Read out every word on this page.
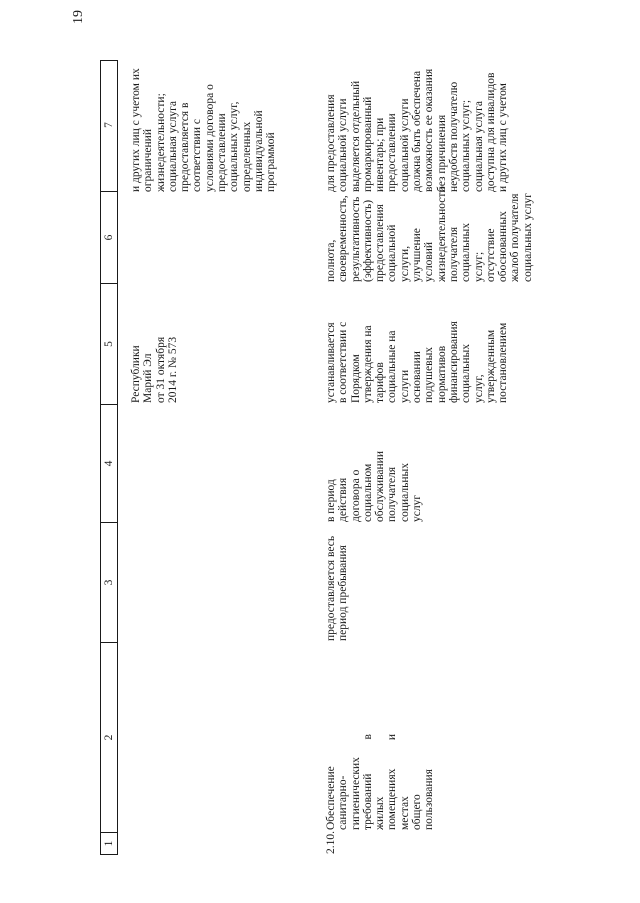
19
1
2
3
4
5
6
7

Республики Марий Эл от 31 октября 2014 г. № 573

и других лиц с учетом их ограничений жизнедеятельности; социальная услуга предоставляется в соответствии с условиями договора о предоставлении социальных услуг, определенных индивидуальной программой

2.10.

Обеспечение санитарно- гигиенических требований в жилых помещениях и местах общего пользования

предоставляется весь период пребывания

в период действия договора о социальном обслуживании получателя социальных услуг

устанавливается в соответствии с Порядком утверждения на тарифов социальные на услуги основании подушевых нормативов финансирования социальных услуг, утвержденным постановлением

полнота, своевременность, результативность (эффективность) предоставления социальной услуги, улучшение условий жизнедеятельности получателя социальных услуг; отсутствие обоснованных жалоб получателя социальных услуг

для предоставления социальной услуги выделяется отдельный промаркированный инвентарь; при предоставлении социальной услуги должна быть обеспечена возможность ее оказания без причинения неудобств получателю социальных услуг; социальная услуга доступна для инвалидов и других лиц с учетом
